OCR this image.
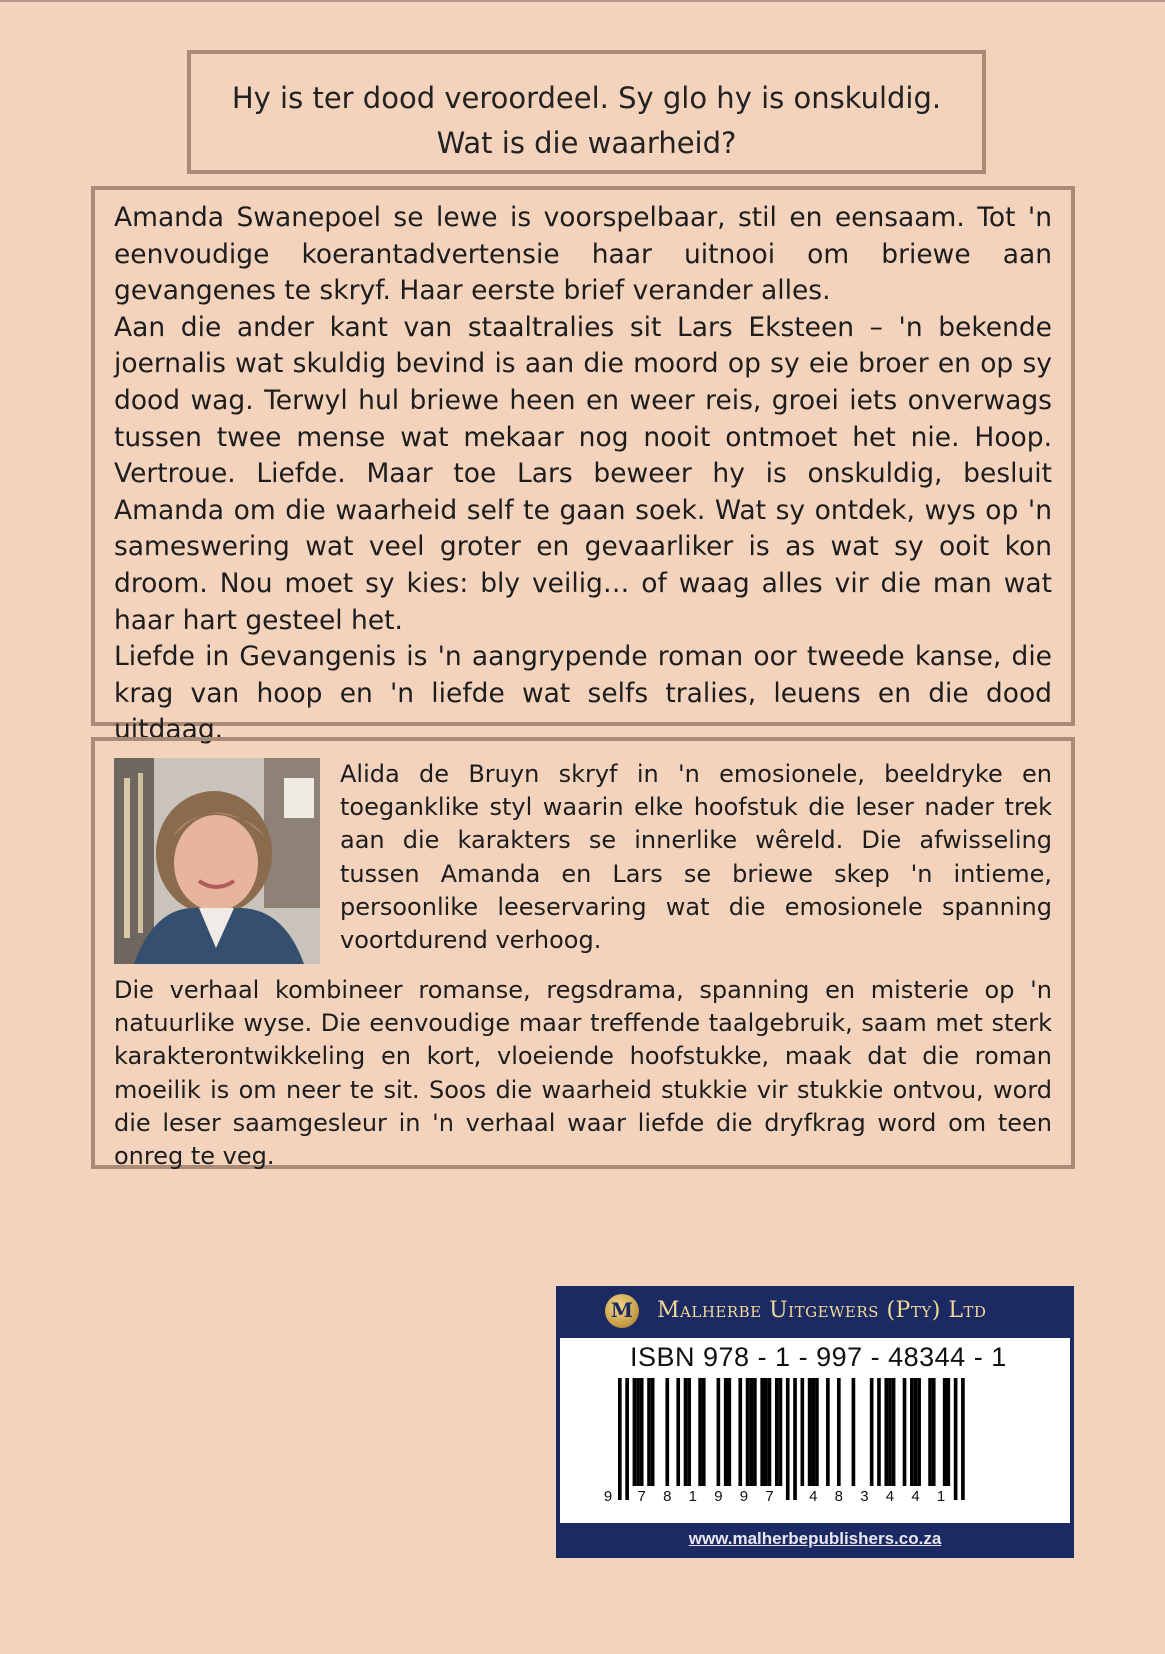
Hy is ter dood veroordeel. Sy glo hy is onskuldig.
Wat is die waarheid?

Amanda Swanepoel se lewe is voorspelbaar, stil en eensaam. Tot 'n eenvoudige koerantadvertensie haar uitnooi om briewe aan gevangenes te skryf. Haar eerste brief verander alles.

Aan die ander kant van staaltralies sit Lars Eksteen – 'n bekende joernalis wat skuldig bevind is aan die moord op sy eie broer en op sy dood wag. Terwyl hul briewe heen en weer reis, groei iets onverwags tussen twee mense wat mekaar nog nooit ontmoet het nie. Hoop. Vertroue. Liefde. Maar toe Lars beweer hy is onskuldig, besluit Amanda om die waarheid self te gaan soek. Wat sy ontdek, wys op 'n sameswering wat veel groter en gevaarliker is as wat sy ooit kon droom. Nou moet sy kies: bly veilig… of waag alles vir die man wat haar hart gesteel het.

Liefde in Gevangenis is 'n aangrypende roman oor tweede kanse, die krag van hoop en 'n liefde wat selfs tralies, leuens en die dood uitdaag.

Alida de Bruyn skryf in 'n emosionele, beeldryke en toeganklike styl waarin elke hoofstuk die leser nader trek aan die karakters se innerlike wêreld. Die afwisseling tussen Amanda en Lars se briewe skep 'n intieme, persoonlike leeservaring wat die emosionele spanning voortdurend verhoog.

Die verhaal kombineer romanse, regsdrama, spanning en misterie op 'n natuurlike wyse. Die eenvoudige maar treffende taalgebruik, saam met sterk karakterontwikkeling en kort, vloeiende hoofstukke, maak dat die roman moeilik is om neer te sit. Soos die waarheid stukkie vir stukkie ontvou, word die leser saamgesleur in 'n verhaal waar liefde die dryfkrag word om teen onreg te veg.

M Malherbe Uitgewers (Pty) Ltd
ISBN 978 - 1 - 997 - 48344 - 1
9 7 8 1 9 9 7 4 8 3 4 4 1
www.malherbepublishers.co.za
